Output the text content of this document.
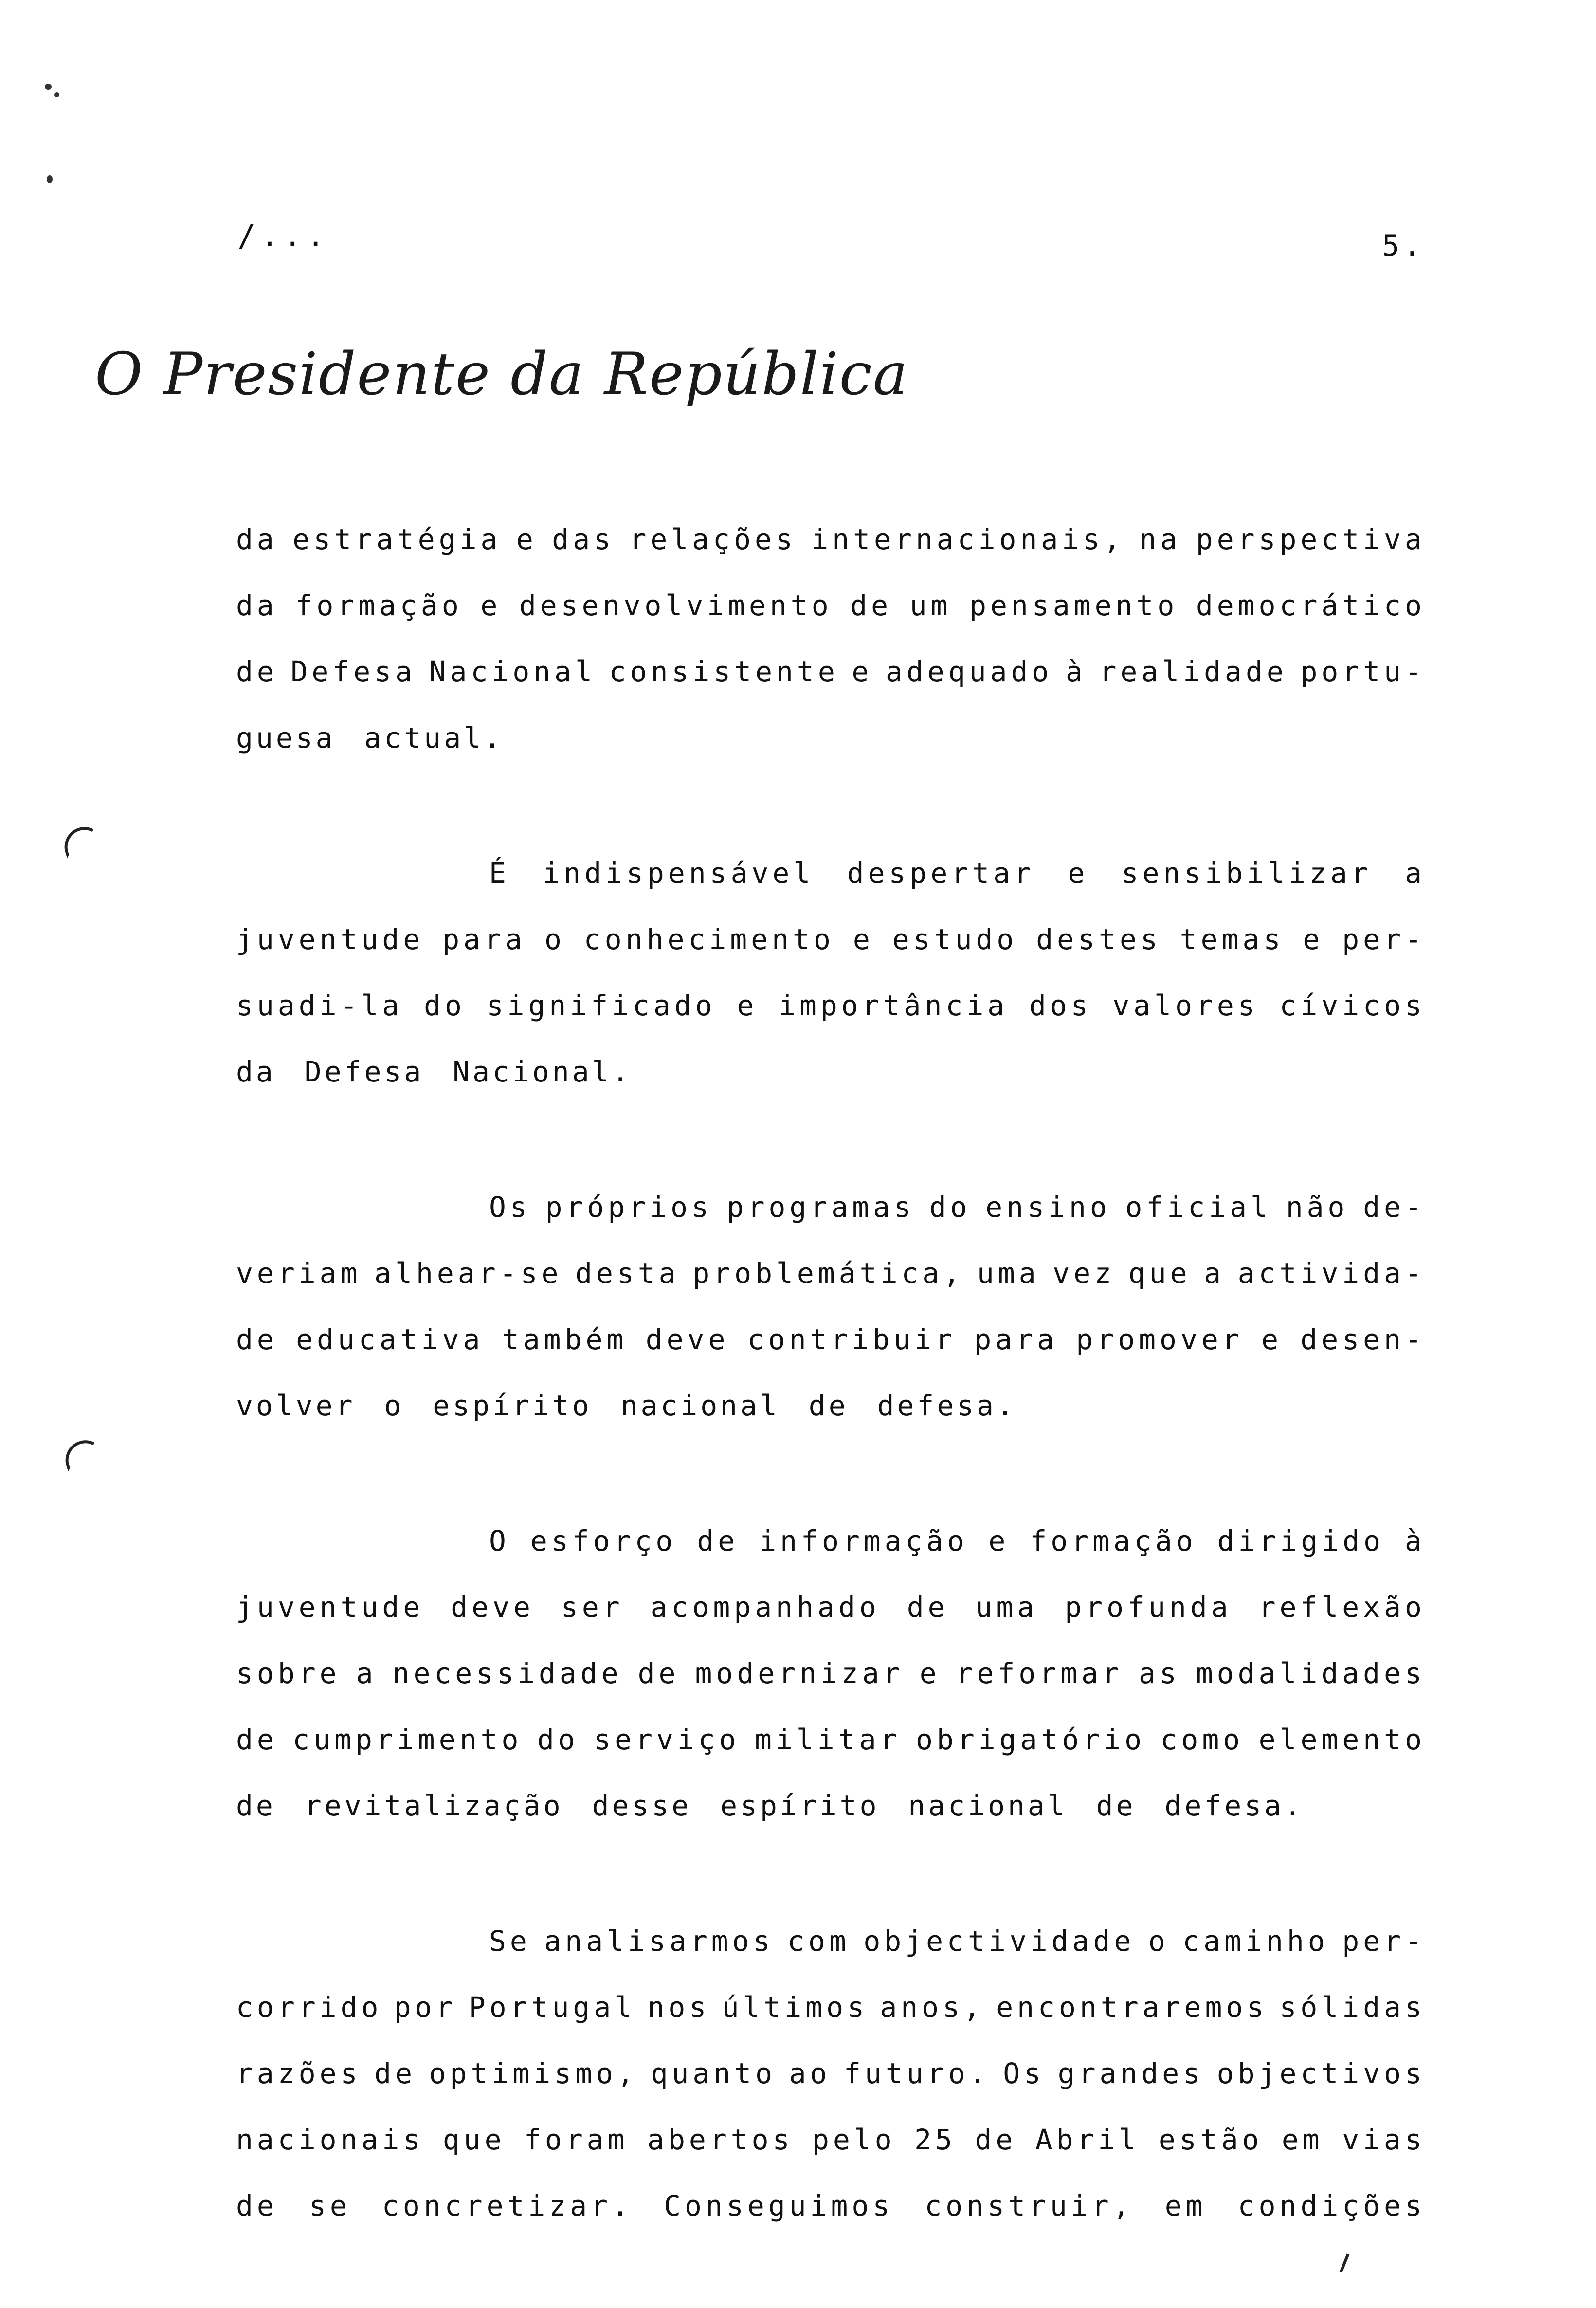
/...	5.
O Presidente da República
da estratégia e das relações internacionais, na perspectiva
da formação e desenvolvimento de um pensamento democrático
de Defesa Nacional consistente e adequado à realidade portu-
guesa actual.
É indispensável despertar e sensibilizar a
juventude para o conhecimento e estudo destes temas e per-
suadi-la do significado e importância dos valores cívicos
da Defesa Nacional.
Os próprios programas do ensino oficial não de-
veriam alhear-se desta problemática, uma vez que a activida-
de educativa também deve contribuir para promover e desen-
volver o espírito nacional de defesa.
O esforço de informação e formação dirigido à
juventude deve ser acompanhado de uma profunda reflexão
sobre a necessidade de modernizar e reformar as modalidades
de cumprimento do serviço militar obrigatório como elemento
de revitalização desse espírito nacional de defesa.
Se analisarmos com objectividade o caminho per-
corrido por Portugal nos últimos anos, encontraremos sólidas
razões de optimismo, quanto ao futuro. Os grandes objectivos
nacionais que foram abertos pelo 25 de Abril estão em vias
de se concretizar. Conseguimos construir, em condições
